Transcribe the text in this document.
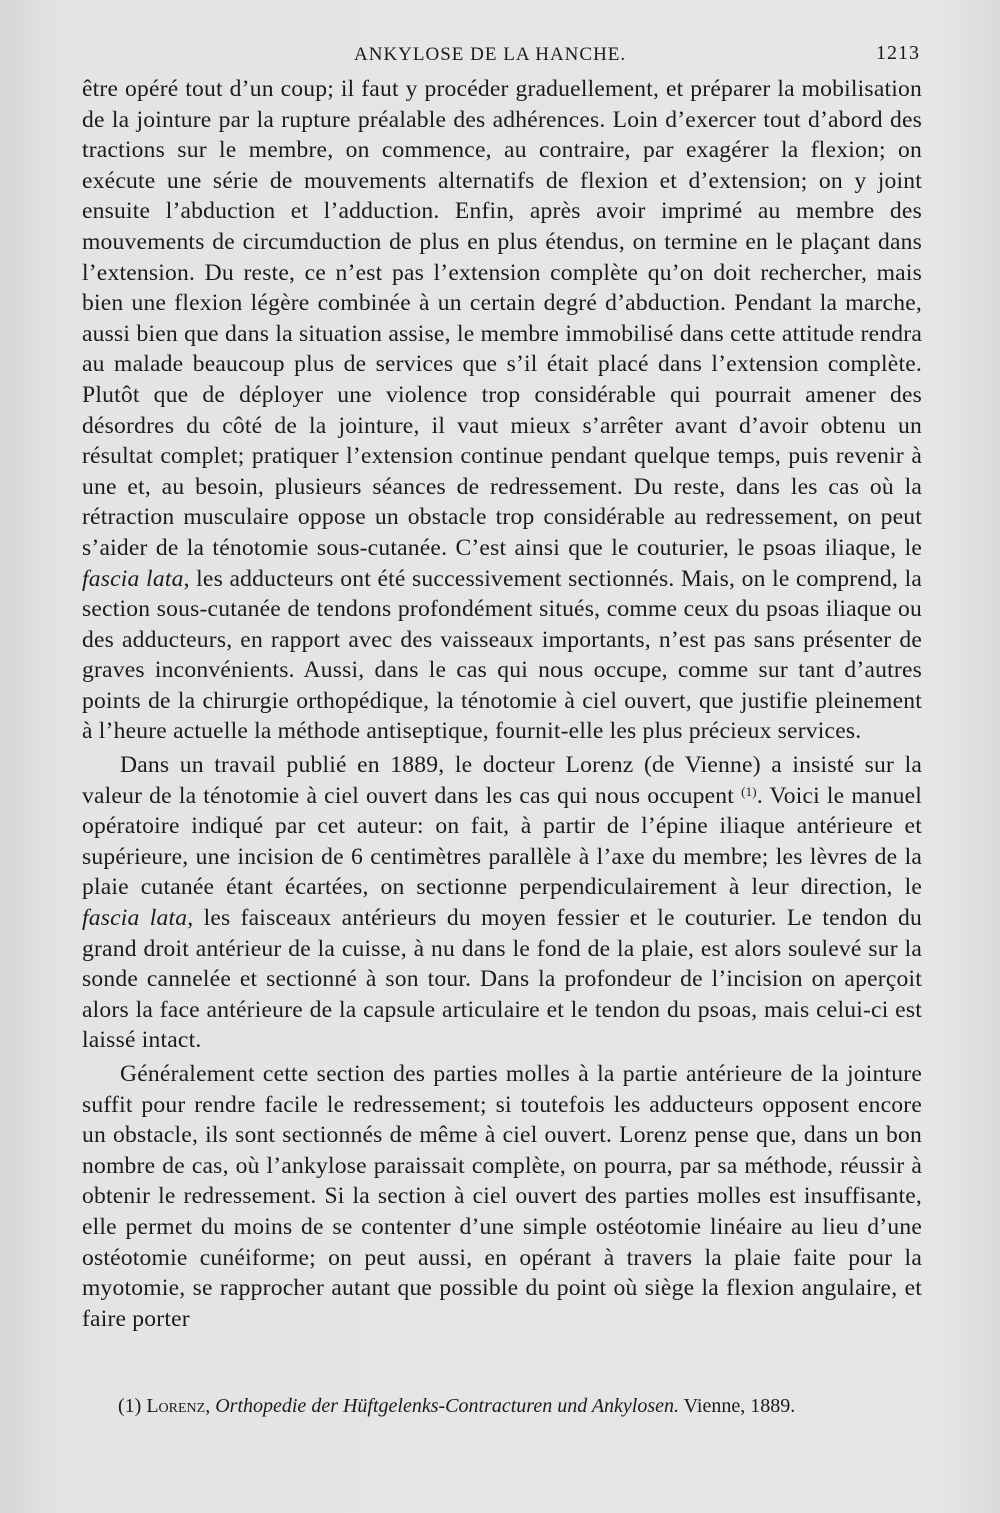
ANKYLOSE DE LA HANCHE.	1213

être opéré tout d’un coup; il faut y procéder graduellement, et préparer la mobilisation de la jointure par la rupture préalable des adhérences. Loin d’exercer tout d’abord des tractions sur le membre, on commence, au contraire, par exagérer la flexion; on exécute une série de mouvements alternatifs de flexion et d’extension; on y joint ensuite l’abduction et l’adduction. Enfin, après avoir imprimé au membre des mouvements de circumduction de plus en plus étendus, on termine en le plaçant dans l’extension. Du reste, ce n’est pas l’extension complète qu’on doit rechercher, mais bien une flexion légère combinée à un certain degré d’abduction. Pendant la marche, aussi bien que dans la situation assise, le membre immobilisé dans cette attitude rendra au malade beaucoup plus de services que s’il était placé dans l’extension complète. Plutôt que de déployer une violence trop considérable qui pourrait amener des désordres du côté de la jointure, il vaut mieux s’arrêter avant d’avoir obtenu un résultat complet; pratiquer l’extension continue pendant quelque temps, puis revenir à une et, au besoin, plusieurs séances de redressement. Du reste, dans les cas où la rétraction musculaire oppose un obstacle trop considérable au redressement, on peut s’aider de la ténotomie sous-cutanée. C’est ainsi que le couturier, le psoas iliaque, le fascia lata, les adducteurs ont été successivement sectionnés. Mais, on le comprend, la section sous-cutanée de tendons profondément situés, comme ceux du psoas iliaque ou des adducteurs, en rapport avec des vaisseaux importants, n’est pas sans présenter de graves inconvénients. Aussi, dans le cas qui nous occupe, comme sur tant d’autres points de la chirurgie orthopédique, la ténotomie à ciel ouvert, que justifie pleinement à l’heure actuelle la méthode antiseptique, fournit-elle les plus précieux services.

Dans un travail publié en 1889, le docteur Lorenz (de Vienne) a insisté sur la valeur de la ténotomie à ciel ouvert dans les cas qui nous occupent $^{(1)}$. Voici le manuel opératoire indiqué par cet auteur: on fait, à partir de l’épine iliaque antérieure et supérieure, une incision de 6 centimètres parallèle à l’axe du membre; les lèvres de la plaie cutanée étant écartées, on sectionne perpendiculairement à leur direction, le fascia lata, les faisceaux antérieurs du moyen fessier et le couturier. Le tendon du grand droit antérieur de la cuisse, à nu dans le fond de la plaie, est alors soulevé sur la sonde cannelée et sectionné à son tour. Dans la profondeur de l’incision on aperçoit alors la face antérieure de la capsule articulaire et le tendon du psoas, mais celui-ci est laissé intact.

Généralement cette section des parties molles à la partie antérieure de la jointure suffit pour rendre facile le redressement; si toutefois les adducteurs opposent encore un obstacle, ils sont sectionnés de même à ciel ouvert. Lorenz pense que, dans un bon nombre de cas, où l’ankylose paraissait complète, on pourra, par sa méthode, réussir à obtenir le redressement. Si la section à ciel ouvert des parties molles est insuffisante, elle permet du moins de se contenter d’une simple ostéotomie linéaire au lieu d’une ostéotomie cunéiforme; on peut aussi, en opérant à travers la plaie faite pour la myotomie, se rapprocher autant que possible du point où siège la flexion angulaire, et faire porter

(1) Lorenz, Orthopedie der Hüftgelenks-Contracturen und Ankylosen. Vienne, 1889.
